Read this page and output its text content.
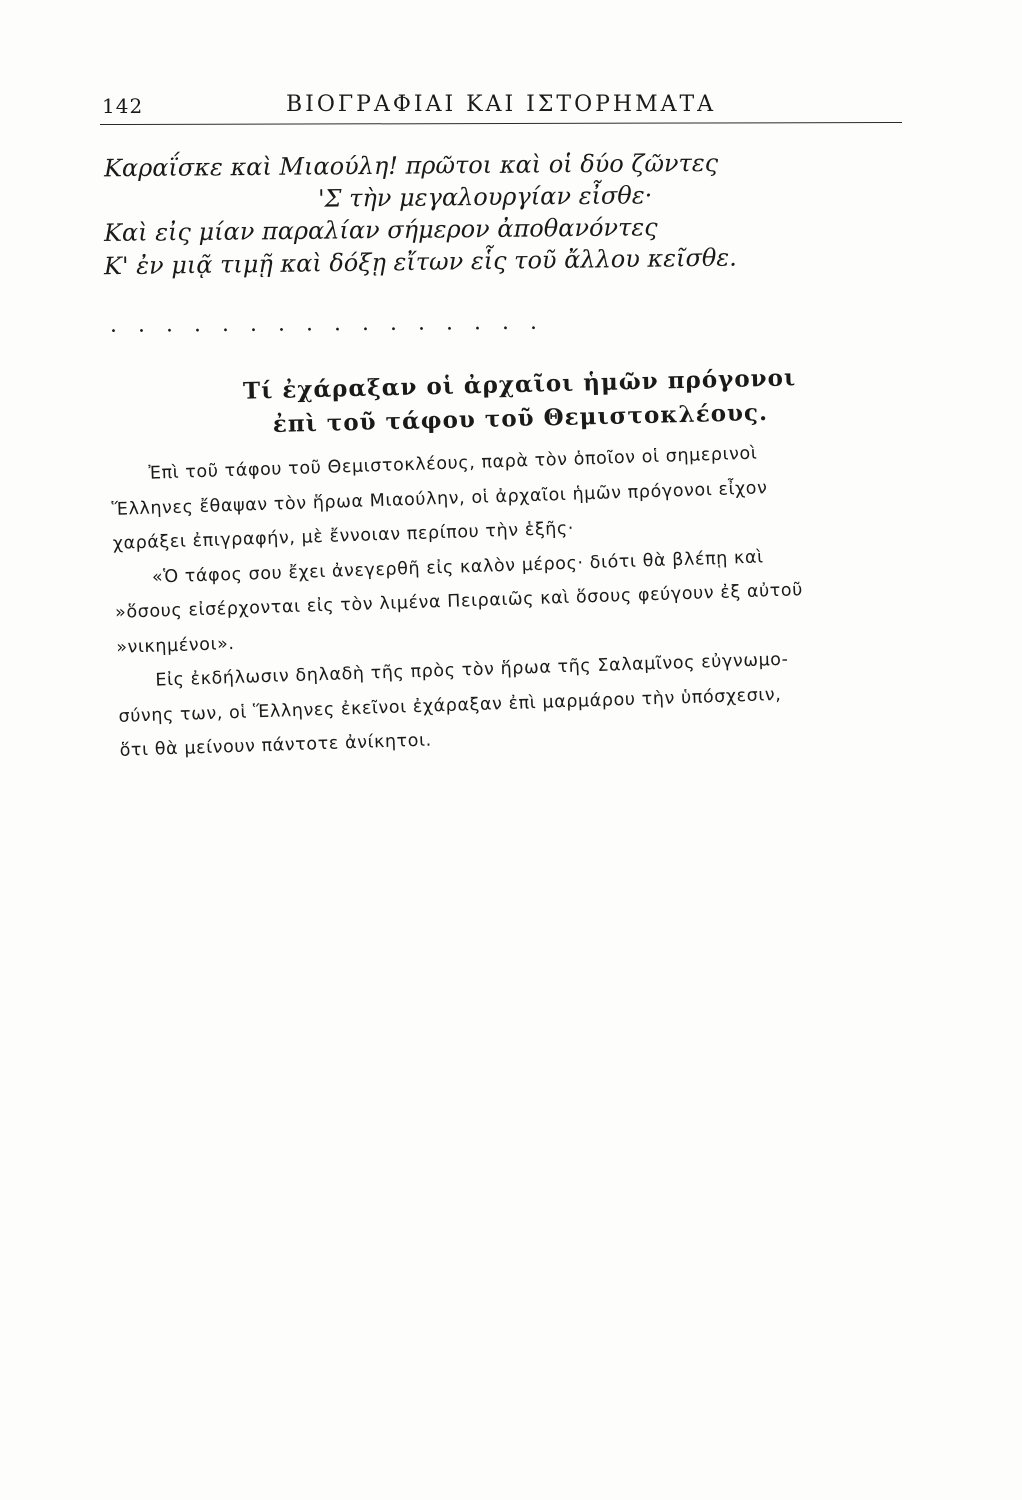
142	ΒΙΟΓΡΑΦΙΑΙ ΚΑΙ ΙΣΤΟΡΗΜΑΤΑ
Καραΐσκε καὶ Μιαούλη! πρῶτοι καὶ οἱ δύο ζῶντες
'Σ τὴν μεγαλουργίαν εἶσθε·
Καὶ εἰς μίαν παραλίαν σήμερον ἀποθανόντες
Κ' ἐν μιᾷ τιμῇ καὶ δόξῃ εἴτων εἷς τοῦ ἄλλου κεῖσθε.
................
Τί ἐχάραξαν οἱ ἀρχαῖοι ἡμῶν πρόγονοι
ἐπὶ τοῦ τάφου τοῦ Θεμιστοκλέους.

Ἐπὶ τοῦ τάφου τοῦ Θεμιστοκλέους, παρὰ τὸν ὁποῖον οἱ σημερινοὶ
Ἕλληνες ἔθαψαν τὸν ἥρωα Μιαούλην, οἱ ἀρχαῖοι ἡμῶν πρόγονοι εἶχον
χαράξει ἐπιγραφήν, μὲ ἔννοιαν περίπου τὴν ἑξῆς·

«Ὁ τάφος σου ἔχει ἀνεγερθῆ εἰς καλὸν μέρος· διότι θὰ βλέπῃ καὶ
»ὅσους εἰσέρχονται εἰς τὸν λιμένα Πειραιῶς καὶ ὅσους φεύγουν ἐξ αὐτοῦ
»νικημένοι».

Εἰς ἐκδήλωσιν δηλαδὴ τῆς πρὸς τὸν ἥρωα τῆς Σαλαμῖνος εὐγνωμο-
σύνης των, οἱ Ἕλληνες ἐκεῖνοι ἐχάραξαν ἐπὶ μαρμάρου τὴν ὑπόσχεσιν,
ὅτι θὰ μείνουν πάντοτε ἀνίκητοι.
